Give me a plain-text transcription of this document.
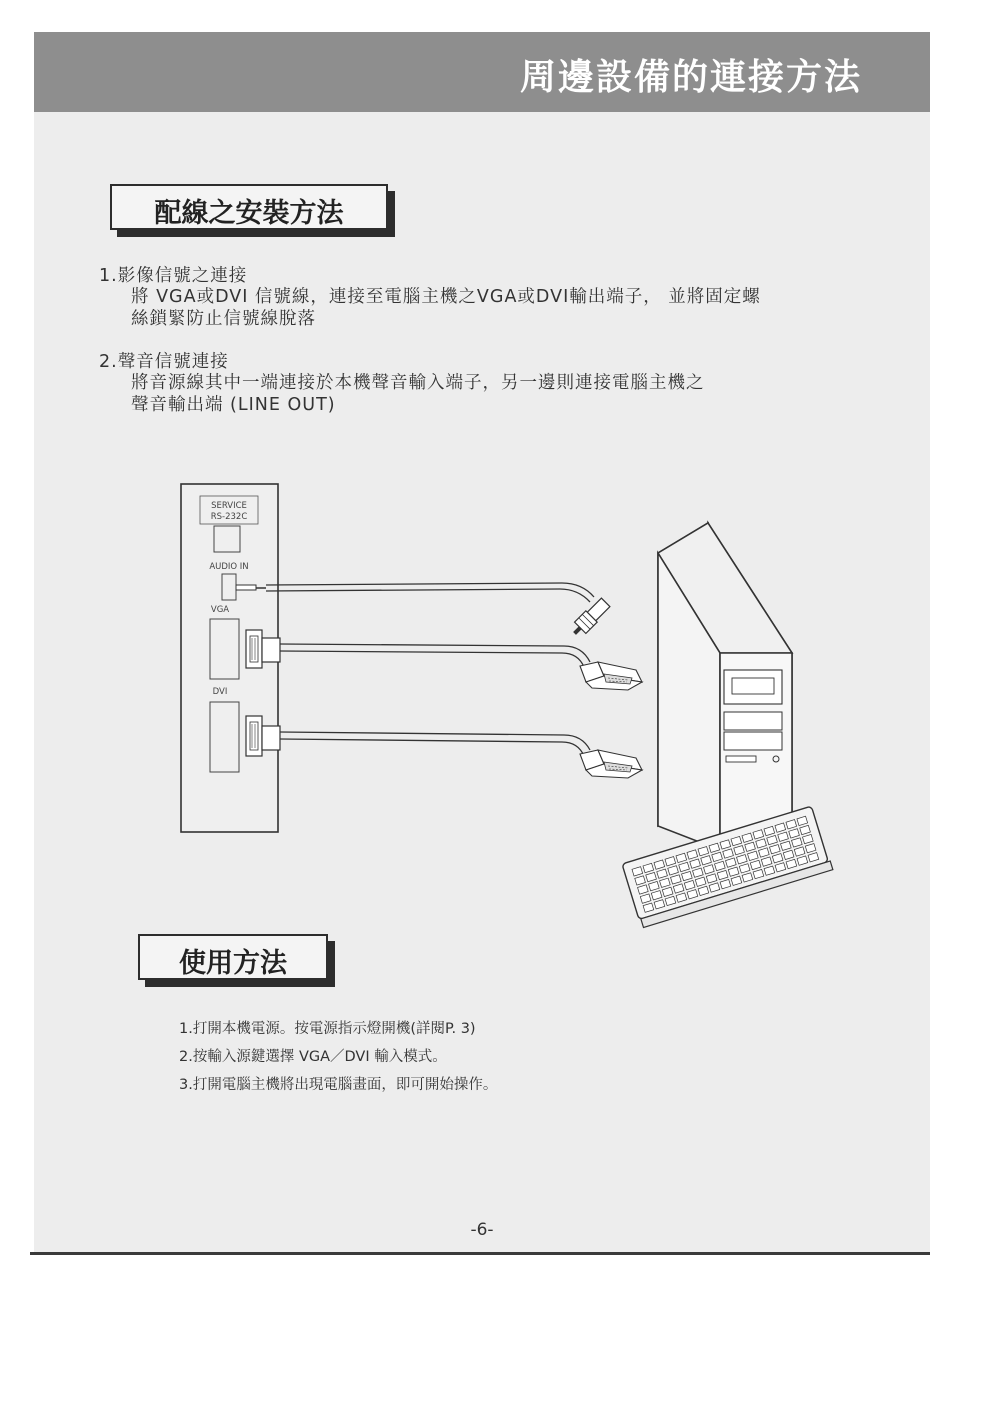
周邊設備的連接方法
配線之安裝方法
1.影像信號之連接
將 VGA或DVI 信號線，連接至電腦主機之VGA或DVI輸出端子， 並將固定螺
絲鎖緊防止信號線脫落
2.聲音信號連接
將音源線其中一端連接於本機聲音輸入端子，另一邊則連接電腦主機之
聲音輸出端 (LINE OUT)
SERVICE
RS-232C
AUDIO IN
VGA
DVI
使用方法
1.打開本機電源。按電源指示燈開機(詳閱P. 3)
2.按輸入源鍵選擇 VGA／DVI 輸入模式。
3.打開電腦主機將出現電腦畫面，即可開始操作。
-6-
